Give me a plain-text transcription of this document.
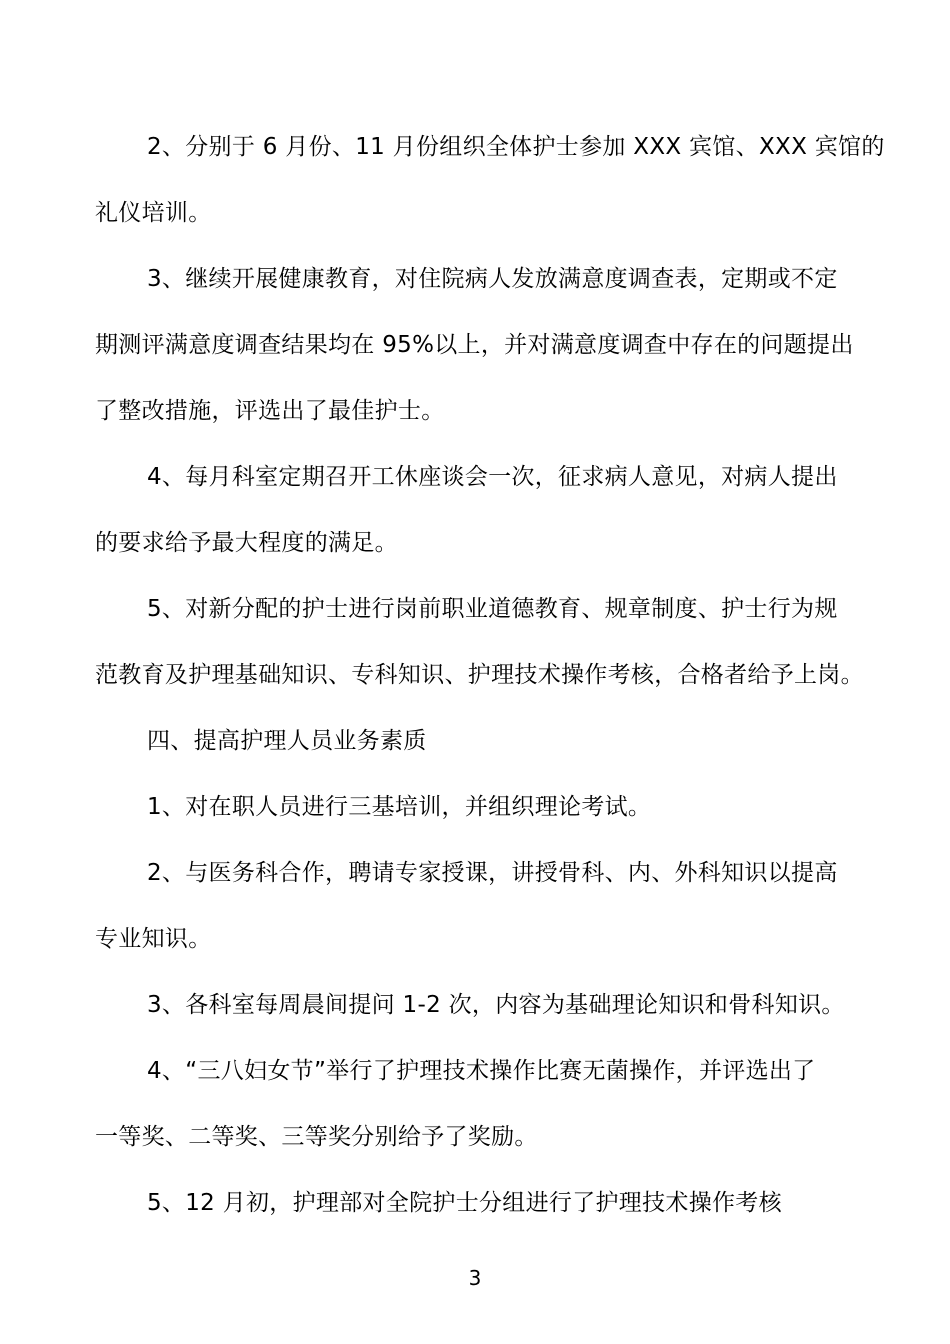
2、分别于 6 月份、11 月份组织全体护士参加 XXX 宾馆、XXX 宾馆的
礼仪培训。
3、继续开展健康教育，对住院病人发放满意度调查表，定期或不定
期测评满意度调查结果均在 95%以上，并对满意度调查中存在的问题提出
了整改措施，评选出了最佳护士。
4、每月科室定期召开工休座谈会一次，征求病人意见，对病人提出
的要求给予最大程度的满足。
5、对新分配的护士进行岗前职业道德教育、规章制度、护士行为规
范教育及护理基础知识、专科知识、护理技术操作考核，合格者给予上岗。
四、提高护理人员业务素质
1、对在职人员进行三基培训，并组织理论考试。
2、与医务科合作，聘请专家授课，讲授骨科、内、外科知识以提高
专业知识。
3、各科室每周晨间提问 1-2 次，内容为基础理论知识和骨科知识。
4、“三八妇女节”举行了护理技术操作比赛无菌操作，并评选出了
一等奖、二等奖、三等奖分别给予了奖励。
5、12 月初，护理部对全院护士分组进行了护理技术操作考核
3
